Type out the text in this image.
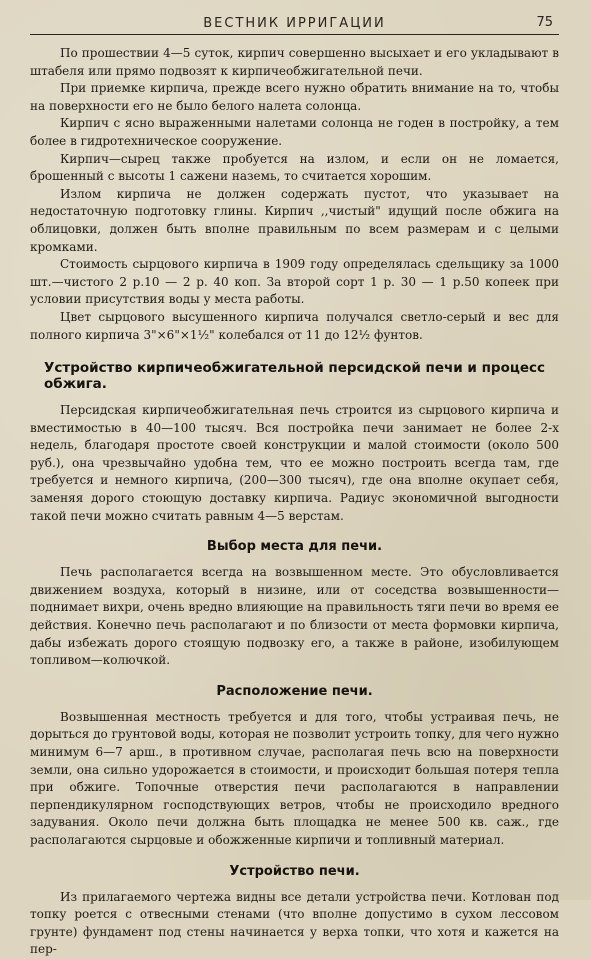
ВЕСТНИК ИРРИГАЦИИ	75

По прошествии 4—5 суток, кирпич совершенно высыхает и его укладывают в штабеля или прямо подвозят к кирпичеобжигательной печи.

При приемке кирпича, прежде всего нужно обратить внимание на то, чтобы на поверхности его не было белого налета солонца.

Кирпич с ясно выраженными налетами солонца не годен в постройку, а тем более в гидротехническое сооружение.

Кирпич—сырец также пробуется на излом, и если он не ломается, брошенный с высоты 1 сажени наземь, то считается хорошим.

Излом кирпича не должен содержать пустот, что указывает на недостаточную подготовку глины. Кирпич ,,чистый" идущий после обжига на облицовки, должен быть вполне правильным по всем размерам и с целыми кромками.

Стоимость сырцового кирпича в 1909 году определялась сдельщику за 1000 шт.—чистого 2 р.10 — 2 р. 40 коп. За второй сорт 1 р. 30 — 1 р.50 копеек при условии присутствия воды у места работы.

Цвет сырцового высушенного кирпича получался светло-серый и вес для полного кирпича 3"×6"×1½" колебался от 11 до 12½ фунтов.

Устройство кирпичеобжигательной персидской печи и процесс обжига.

Персидская кирпичеобжигательная печь строится из сырцового кирпича и вместимостью в 40—100 тысяч. Вся постройка печи занимает не более 2-х недель, благодаря простоте своей конструкции и малой стоимости (около 500 руб.), она чрезвычайно удобна тем, что ее можно построить всегда там, где требуется и немного кирпича, (200—300 тысяч), где она вполне окупает себя, заменяя дорого стоющую доставку кирпича. Радиус экономичной выгодности такой печи можно считать равным 4—5 верстам.

Выбор места для печи.

Печь располагается всегда на возвышенном месте. Это обусловливается движением воздуха, который в низине, или от соседства возвышенности—поднимает вихри, очень вредно влияющие на правильность тяги печи во время ее действия. Конечно печь располагают и по близости от места формовки кирпича, дабы избежать дорого стоящую подвозку его, а также в районе, изобилующем топливом—колючкой.

Расположение печи.

Возвышенная местность требуется и для того, чтобы устраивая печь, не дорыться до грунтовой воды, которая не позволит устроить топку, для чего нужно минимум 6—7 арш., в противном случае, располагая печь всю на поверхности земли, она сильно удорожается в стоимости, и происходит большая потеря тепла при обжиге. Топочные отверстия печи располагаются в направлении перпендикулярном господствующих ветров, чтобы не происходило вредного задувания. Около печи должна быть площадка не менее 500 кв. саж., где располагаются сырцовые и обожженные кирпичи и топливный материал.

Устройство печи.

Из прилагаемого чертежа видны все детали устройства печи. Котлован под топку роется с отвесными стенами (что вполне допустимо в сухом лессовом грунте) фундамент под стены начинается у верха топки, что хотя и кажется на пер-
